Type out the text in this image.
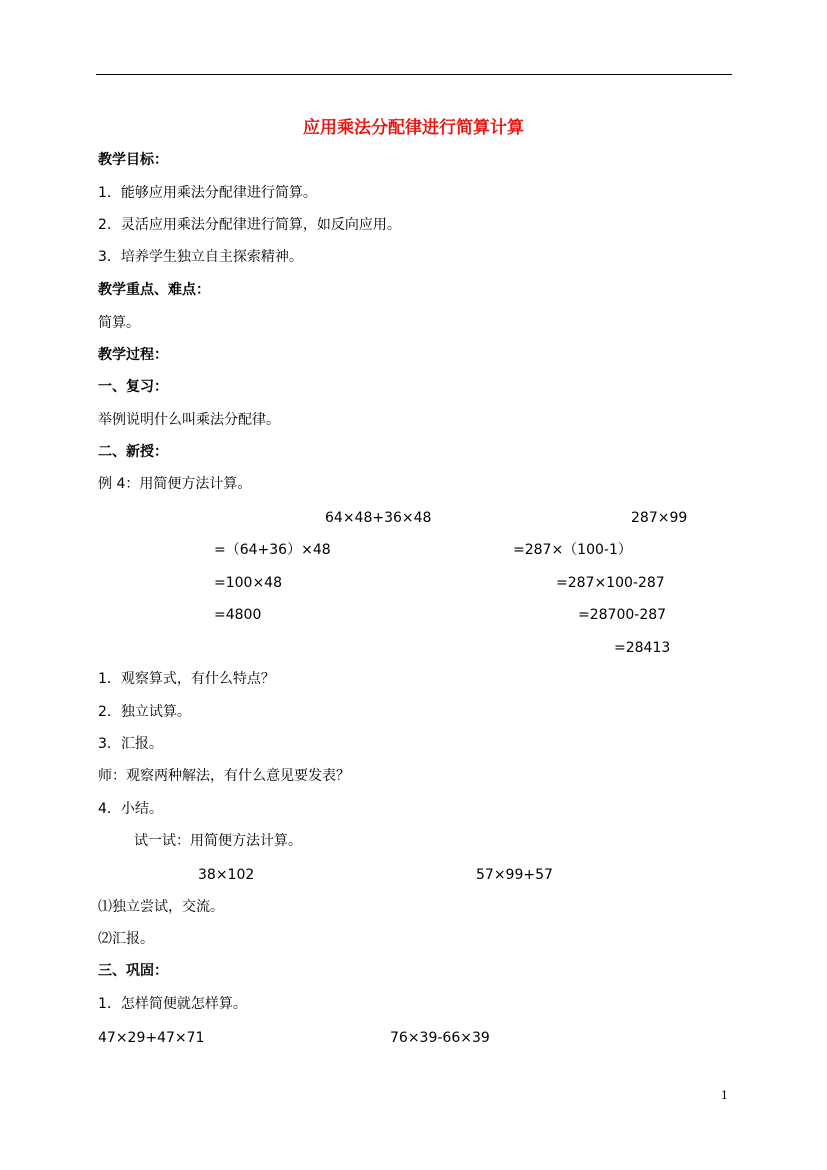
应用乘法分配律进行简算计算
教学目标：
1．能够应用乘法分配律进行简算。
2．灵活应用乘法分配律进行简算，如反向应用。
3．培养学生独立自主探索精神。
教学重点、难点：
简算。
教学过程：
一、复习：
举例说明什么叫乘法分配律。
二、新授：
例 4：用简便方法计算。
64×48+36×48
=（64+36）×48
=100×48
=4800
287×99
=287×（100-1）
=287×100-287
=28700-287
=28413
1．观察算式，有什么特点？
2．独立试算。
3．汇报。
师：观察两种解法，有什么意见要发表？
4．小结。
试一试：用简便方法计算。
38×102	57×99+57
⑴独立尝试，交流。
⑵汇报。
三、巩固：
1．怎样简便就怎样算。
47×29+47×71	76×39-66×39
1
